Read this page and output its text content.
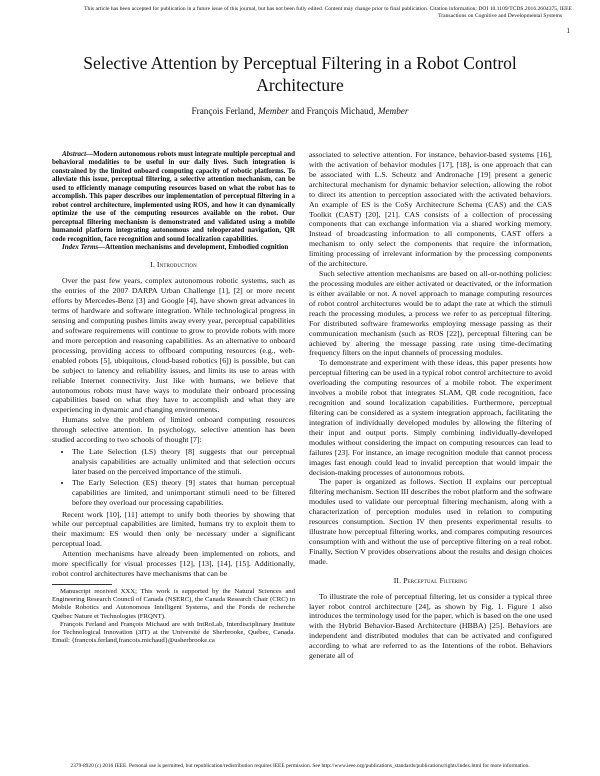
This article has been accepted for publication in a future issue of this journal, but has not been fully edited. Content may change prior to final publication. Citation information: DOI 10.1109/TCDS.2016.2604375, IEEE
Transactions on Cognitive and Developmental Systems
1
Selective Attention by Perceptual Filtering in a Robot Control Architecture
François Ferland, Member and François Michaud, Member

Abstract—Modern autonomous robots must integrate multiple perceptual and behavioral modalities to be useful in our daily lives. Such integration is constrained by the limited onboard computing capacity of robotic platforms. To alleviate this issue, perceptual filtering, a selective attention mechanism, can be used to efficiently manage computing resources based on what the robot has to accomplish. This paper describes our implementation of perceptual filtering in a robot control architecture, implemented using ROS, and how it can dynamically optimize the use of the computing resources available on the robot. Our perceptual filtering mechanism is demonstrated and validated using a mobile humanoid platform integrating autonomous and teleoperated navigation, QR code recognition, face recognition and sound localization capabilities.

Index Terms—Attention mechanisms and development, Embodied cognition

I. Introduction

Over the past few years, complex autonomous robotic systems, such as the entries of the 2007 DARPA Urban Challenge [1], [2] or more recent efforts by Mercedes-Benz [3] and Google [4], have shown great advances in terms of hardware and software integration. While technological progress in sensing and computing pushes limits away every year, perceptual capabilities and software requirements will continue to grow to provide robots with more and more perception and reasoning capabilities. As an alternative to onboard processing, providing access to offboard computing resources (e.g., web-enabled robots [5], ubiquitous, cloud-based robotics [6]) is possible, but can be subject to latency and reliability issues, and limits its use to areas with reliable Internet connectivity. Just like with humans, we believe that autonomous robots must have ways to modulate their onboard processing capabilities based on what they have to accomplish and what they are experiencing in dynamic and changing environments.

Humans solve the problem of limited onboard computing resources through selective attention. In psychology, selective attention has been studied according to two schools of thought [7]:

• The Late Selection (LS) theory [8] suggests that our perceptual analysis capabilities are actually unlimited and that selection occurs later based on the perceived importance of the stimuli.
• The Early Selection (ES) theory [9] states that human perceptual capabilities are limited, and unimportant stimuli need to be filtered before they overload our processing capabilities.

Recent work [10], [11] attempt to unify both theories by showing that while our perceptual capabilities are limited, humans try to exploit them to their maximum: ES would then only be necessary under a significant perceptual load.

Attention mechanisms have already been implemented on robots, and more specifically for visual processes [12], [13], [14], [15]. Additionally, robot control architectures have mechanisms that can be

Manuscript received XXX; This work is supported by the Natural Sciences and Engineering Research Council of Canada (NSERC), the Canada Research Chair (CRC) in Mobile Robotics and Autonomous Intelligent Systems, and the Fonds de recherche Québec Nature et Technologies (FRQNT).

François Ferland and François Michaud are with IntRoLab, Interdisciplinary Institute for Technological Innovation (3IT) at the Université de Sherbrooke, Québec, Canada. Email: {francois.ferland,francois.michaud}@usherbrooke.ca

associated to selective attention. For instance, behavior-based systems [16], with the activation of behavior modules [17], [18], is one approach that can be associated with L.S. Scheutz and Andronache [19] present a generic architectural mechanism for dynamic behavior selection, allowing the robot to direct its attention to perception associated with the activated behaviors. An example of ES is the CoSy Architecture Schema (CAS) and the CAS Toolkit (CAST) [20], [21]. CAS consists of a collection of processing components that can exchange information via a shared working memory. Instead of broadcasting information to all components, CAST offers a mechanism to only select the components that require the information, limiting processing of irrelevant information by the processing components of the architecture.

Such selective attention mechanisms are based on all-or-nothing policies: the processing modules are either activated or deactivated, or the information is either available or not. A novel approach to manage computing resources of robot control architectures would be to adapt the rate at which the stimuli reach the processing modules, a process we refer to as perceptual filtering. For distributed software frameworks employing message passing as their communication mechanism (such as ROS [22]), perceptual filtering can be achieved by altering the message passing rate using time-decimating frequency filters on the input channels of processing modules.

To demonstrate and experiment with these ideas, this paper presents how perceptual filtering can be used in a typical robot control architecture to avoid overloading the computing resources of a mobile robot. The experiment involves a mobile robot that integrates SLAM, QR code recognition, face recognition and sound localization capabilities. Furthermore, perceptual filtering can be considered as a system integration approach, facilitating the integration of individually developed modules by allowing the filtering of their input and output ports. Simply combining individually-developed modules without considering the impact on computing resources can lead to failures [23]. For instance, an image recognition module that cannot process images fast enough could lead to invalid perception that would impair the decision-making processes of autonomous robots.

The paper is organized as follows. Section II explains our perceptual filtering mechanism. Section III describes the robot platform and the software modules used to validate our perceptual filtering mechanism, along with a characterization of perception modules used in relation to computing resources consumption. Section IV then presents experimental results to illustrate how perceptual filtering works, and compares computing resources consumption with and without the use of perceptive filtering on a real robot. Finally, Section V provides observations about the results and design choices made.

II. Perceptual Filtering

To illustrate the role of perceptual filtering, let us consider a typical three layer robot control architecture [24], as shown by Fig. 1. Figure 1 also introduces the terminology used for the paper, which is based on the one used with the Hybrid Behavior-Based Architecture (HBBA) [25]. Behaviors are independent and distributed modules that can be activated and configured according to what are referred to as the Intentions of the robot. Behaviors generate all of

2379-8920 (c) 2016 IEEE. Personal use is permitted, but republication/redistribution requires IEEE permission. See http://www.ieee.org/publications_standards/publications/rights/index.html for more information.
